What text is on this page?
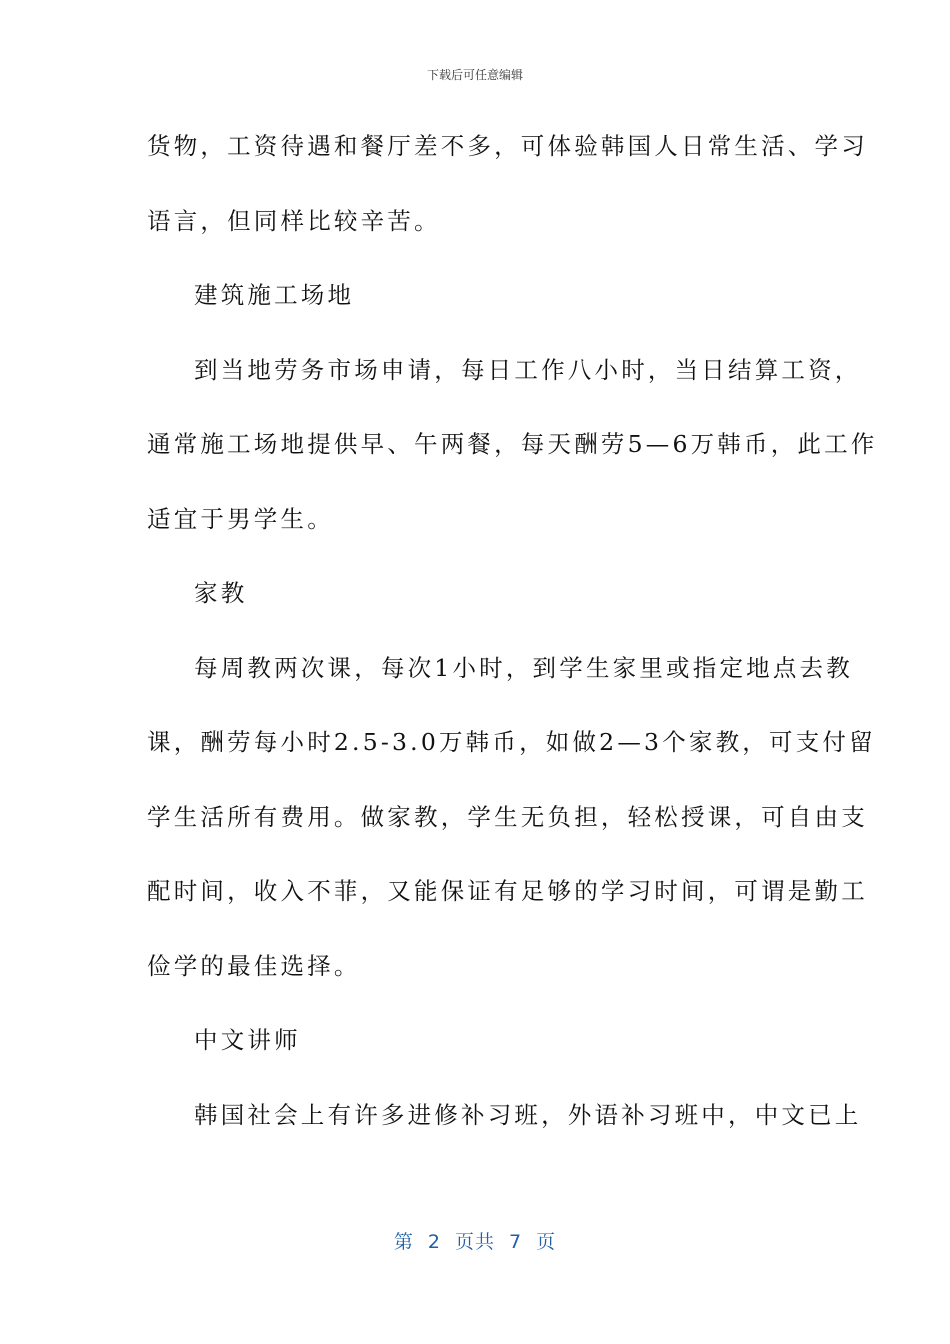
下载后可任意编辑
货物，工资待遇和餐厅差不多，可体验韩国人日常生活、学习
语言，但同样比较辛苦。
建筑施工场地
到当地劳务市场申请，每日工作八小时，当日结算工资，
通常施工场地提供早、午两餐，每天酬劳5—6万韩币，此工作
适宜于男学生。
家教
每周教两次课，每次1小时，到学生家里或指定地点去教
课，酬劳每小时2.5-3.0万韩币，如做2—3个家教，可支付留
学生活所有费用。做家教，学生无负担，轻松授课，可自由支
配时间，收入不菲，又能保证有足够的学习时间，可谓是勤工
俭学的最佳选择。
中文讲师
韩国社会上有许多进修补习班，外语补习班中，中文已上
第 2 页共 7 页
